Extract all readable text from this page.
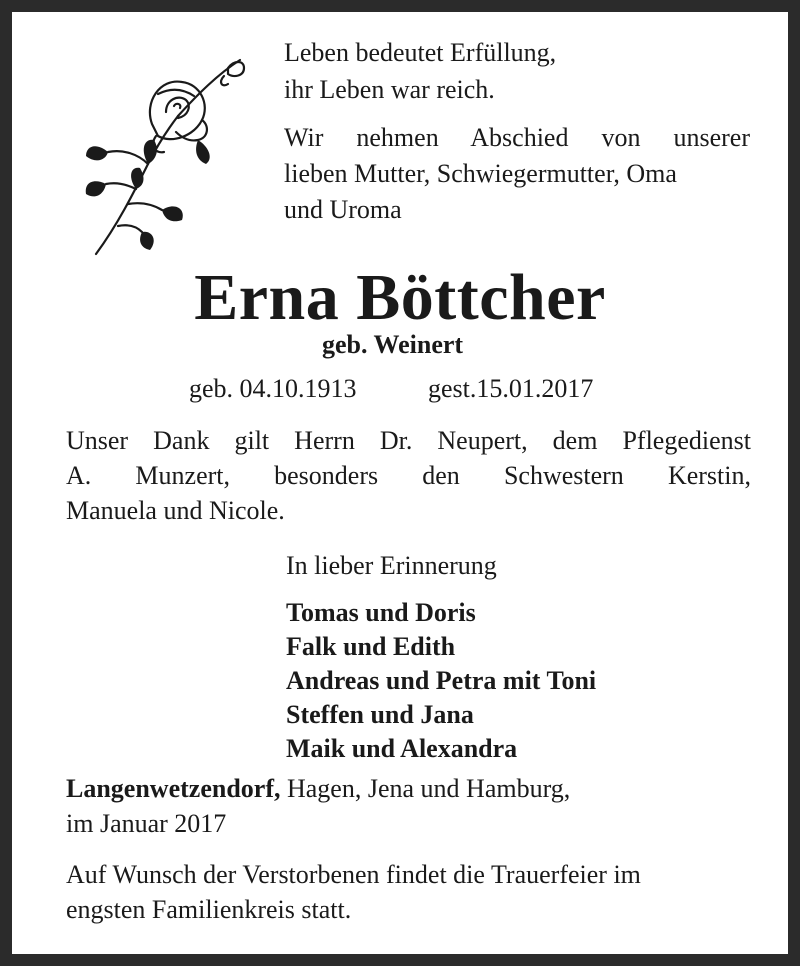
Leben bedeutet Erfüllung,

ihr Leben war reich.

Wir nehmen Abschied von unserer

lieben Mutter, Schwiegermutter, Oma

und Uroma

Erna Böttcher

geb. Weinert

geb. 04.10.1913	gest.15.01.2017

Unser Dank gilt Herrn Dr. Neupert, dem Pflegedienst

A. Munzert, besonders den Schwestern Kerstin,

Manuela und Nicole.

In lieber Erinnerung

Tomas und Doris
Falk und Edith
Andreas und Petra mit Toni
Steffen und Jana
Maik und Alexandra

Langenwetzendorf, Hagen, Jena und Hamburg,

im Januar 2017

Auf Wunsch der Verstorbenen findet die Trauerfeier im

engsten Familienkreis statt.
